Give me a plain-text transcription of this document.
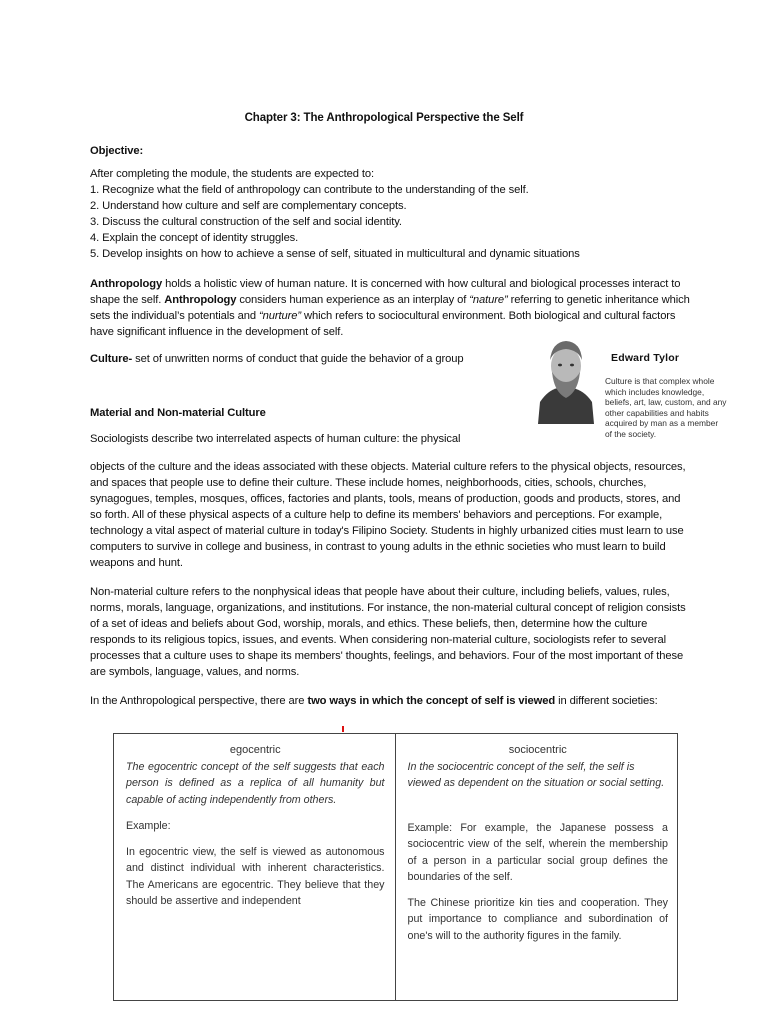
Chapter 3: The Anthropological Perspective the Self

Objective:

After completing the module, the students are expected to:

1. Recognize what the field of anthropology can contribute to the understanding of the self.
2. Understand how culture and self are complementary concepts.
3. Discuss the cultural construction of the self and social identity.
4. Explain the concept of identity struggles.
5. Develop insights on how to achieve a sense of self, situated in multicultural and dynamic situations

Anthropology holds a holistic view of human nature. It is concerned with how cultural and biological processes interact to shape the self. Anthropology considers human experience as an interplay of “nature” referring to genetic inheritance which sets the individual’s potentials and “nurture” which refers to sociocultural environment. Both biological and cultural factors have significant influence in the development of self.

Culture- set of unwritten norms of conduct that guide the behavior of a group	Edward Tylor
Culture is that complex whole which includes knowledge, beliefs, art, law, custom, and any other capabilities and habits acquired by man as a member of the society.

Material and Non-material Culture

Sociologists describe two interrelated aspects of human culture: the physical

objects of the culture and the ideas associated with these objects. Material culture refers to the physical objects, resources, and spaces that people use to define their culture. These include homes, neighborhoods, cities, schools, churches, synagogues, temples, mosques, offices, factories and plants, tools, means of production, goods and products, stores, and so forth. All of these physical aspects of a culture help to define its members' behaviors and perceptions. For example, technology a vital aspect of material culture in today's Filipino Society. Students in highly urbanized cities must learn to use computers to survive in college and business, in contrast to young adults in the ethnic societies who must learn to build weapons and hunt.

Non-material culture refers to the nonphysical ideas that people have about their culture, including beliefs, values, rules, norms, morals, language, organizations, and institutions. For instance, the non-material cultural concept of religion consists of a set of ideas and beliefs about God, worship, morals, and ethics. These beliefs, then, determine how the culture responds to its religious topics, issues, and events. When considering non-material culture, sociologists refer to several processes that a culture uses to shape its members' thoughts, feelings, and behaviors. Four of the most important of these are symbols, language, values, and norms.

In the Anthropological perspective, there are two ways in which the concept of self is viewed in different societies:

egocentric

The egocentric concept of the self suggests that each person is defined as a replica of all humanity but capable of acting independently from others.

Example:

In egocentric view, the self is viewed as autonomous and distinct individual with inherent characteristics. The Americans are egocentric. They believe that they should be assertive and independent

sociocentric

In the sociocentric concept of the self, the self is viewed as dependent on the situation or social setting.

Example: For example, the Japanese possess a sociocentric view of the self, wherein the membership of a person in a particular social group defines the boundaries of the self.

The Chinese prioritize kin ties and cooperation. They put importance to compliance and subordination of one's will to the authority figures in the family.
